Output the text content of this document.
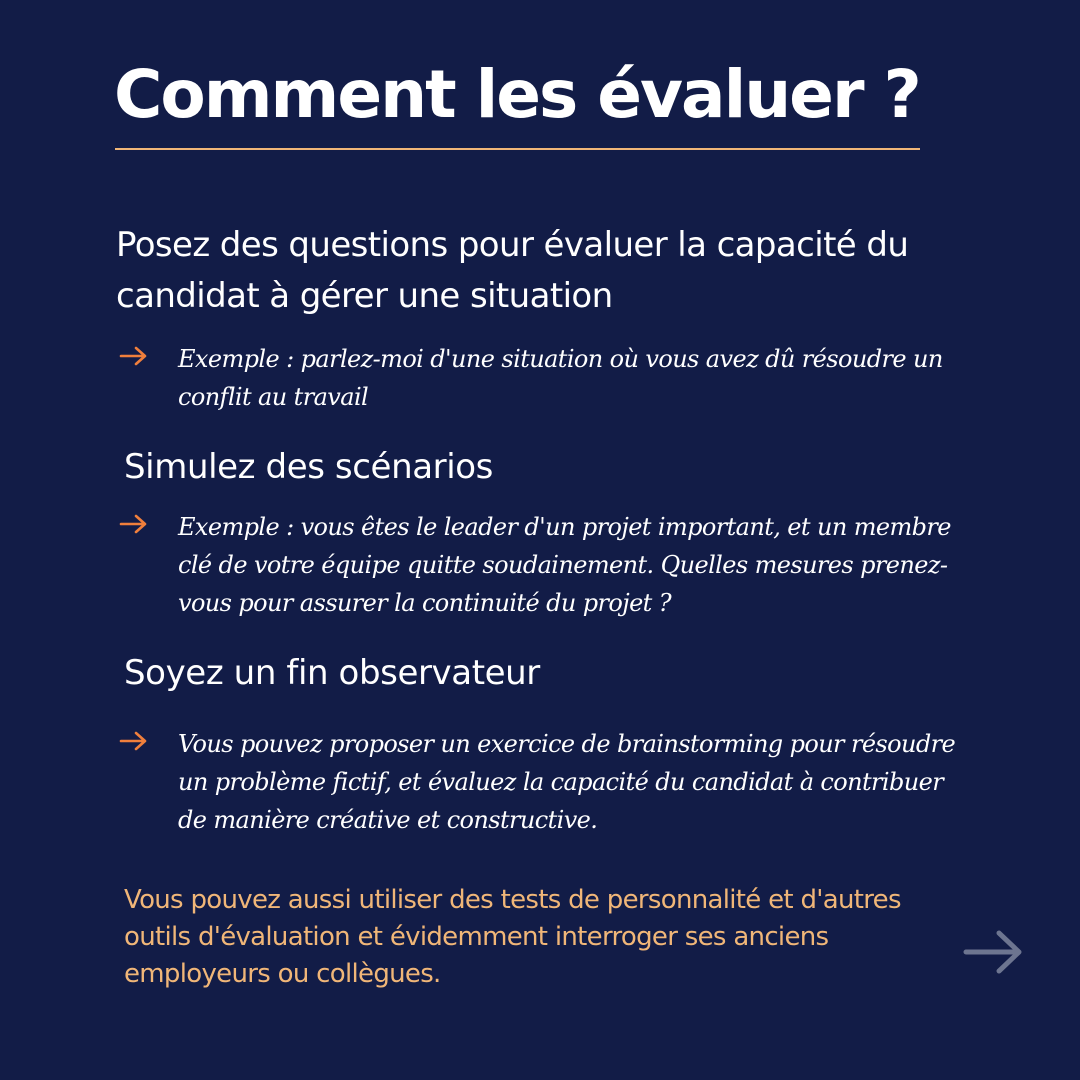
Comment les évaluer ?

Posez des questions pour évaluer la capacité du candidat à gérer une situation

Exemple : parlez-moi d'une situation où vous avez dû résoudre un conflit au travail
Simulez des scénarios
Exemple : vous êtes le leader d'un projet important, et un membre clé de votre équipe quitte soudainement. Quelles mesures prenez-vous pour assurer la continuité du projet ?
Soyez un fin observateur
Vous pouvez proposer un exercice de brainstorming pour résoudre un problème fictif, et évaluez la capacité du candidat à contribuer de manière créative et constructive.

Vous pouvez aussi utiliser des tests de personnalité et d'autres outils d'évaluation et évidemment interroger ses anciens employeurs ou collègues.
